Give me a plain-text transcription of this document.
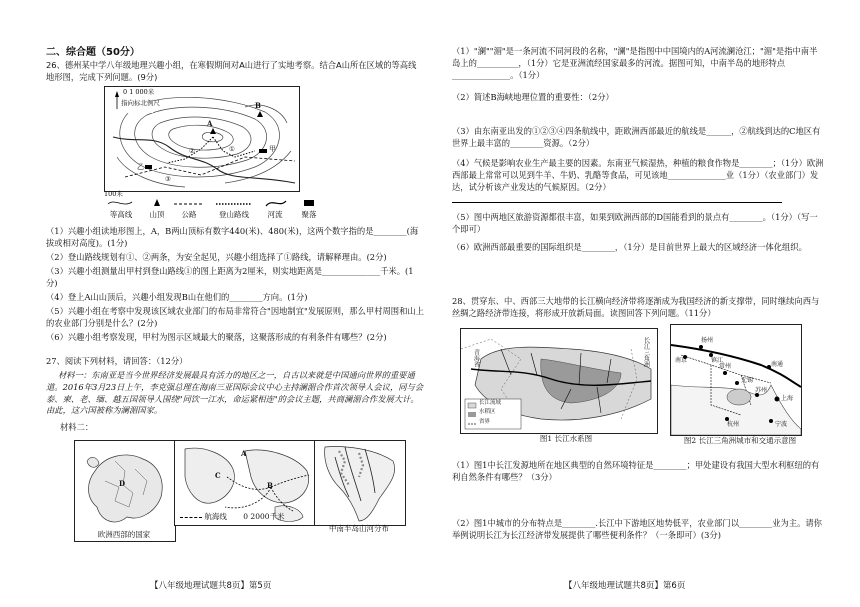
二、综合题（50分）

26、德州某中学八年级地理兴趣小组，在寒假期间对A山进行了实地考察。结合A山所在区域的等高线地形图，完成下列问题。(9分)

0 1 000米
指向标北例尺
A
B
甲
乙
①
②
③
100米
等高线	山顶	公路	登山路线	河流	聚落

（1）兴趣小组读地形图上，A，B两山顶标有数字440(米)、480(米)，这两个数字指的是________(海拔或相对高度)。(1分)

（2）登山路线规划有①、②两条，为安全起见，兴趣小组选择了①路线，请解释理由。(2分)

（3）兴趣小组测量出甲村到登山路线①的图上距离为2厘米，则实地距离是______________千米。(1分)

（4）登上A山山顶后，兴趣小组发现B山在他们的________方向。(1分)

（5）兴趣小组在考察中发现该区域农业部门的布局非常符合"因地制宜"发展原则，那么甲村周围和山上的农业部门分别是什么？(2分)

（6）兴趣小组考察发现，甲村为图示区域最大的聚落，这聚落形成的有利条件有哪些？(2分)

27、阅读下列材料，请回答：（12分）

材料一：东南亚是当今世界经济发展最具有活力的地区之一，自古以来就是中国通向世界的重要通道。2016年3月23日上午，李克强总理在海南三亚国际会议中心主持澜湄合作首次领导人会议，同与会泰、柬、老、缅、越五国领导人围绕"同饮一江水，命运紧相连"的会议主题，共商澜湄合作发展大计。由此，这六国被称为澜湄国家。

材料二：

D
A
B
C
航海线 0 2000千米
欧洲西部的国家
中南半岛山河分布
【八年级地理试题共8页】第5页

（1）"澜""湄"是一条河流不同河段的名称，"澜"是指图中中国境内的A河流澜沧江；"湄"是指中南半岛上的__________，（1分）它是亚洲流经国家最多的河流。据图可知，中南半岛的地形特点______________。（1分）

（2）简述B海峡地理位置的重要性：（2分）

（3）由东南亚出发的①②③④四条航线中，距欧洲西部最近的航线是______，②航线到达的C地区有世界上最丰富的________资源。（2分）

（4）气候是影响农业生产最主要的因素。东南亚气候湿热，种植的粮食作物是________；（1分）欧洲西部最上常常可以见到牛羊、牛奶、乳酪等食品，可见该地______________业（1分）（农业部门）发达，试分析该产业发达的气候原因。（2分）

（5）图中两地区旅游资源都很丰富，如果到欧洲西部的D国能看到的景点有________。（1分）（写一个即可）

（6）欧洲西部最重要的国际组织是________，（1分）是目前世界上最大的区域经济一体化组织。

28、贯穿东、中、西部三大地带的长江横向经济带将逐渐成为我国经济的新支撑带，同时继续向西与丝绸之路经济带连接，将形成开放新局面。读图回答下列问题。（11分）

长江流域
水稻区
省界
青海省	长江三角洲	南京
扬州
镇江
常州
无锡
苏州
上海
杭州	宁波
南通
图1 长江水系图	图2 长江三角洲城市和交通示意图

（1）图1中长江发源地所在地区典型的自然环境特征是________；甲处建设有我国大型水利枢纽的有利自然条件有哪些？（3分）

（2）图1中城市的分布特点是________.长江中下游地区地势低平，农业部门以________业为主。请你举例说明长江为长江经济带发展提供了哪些便利条件？（一条即可）(3分)

【八年级地理试题共8页】第6页
